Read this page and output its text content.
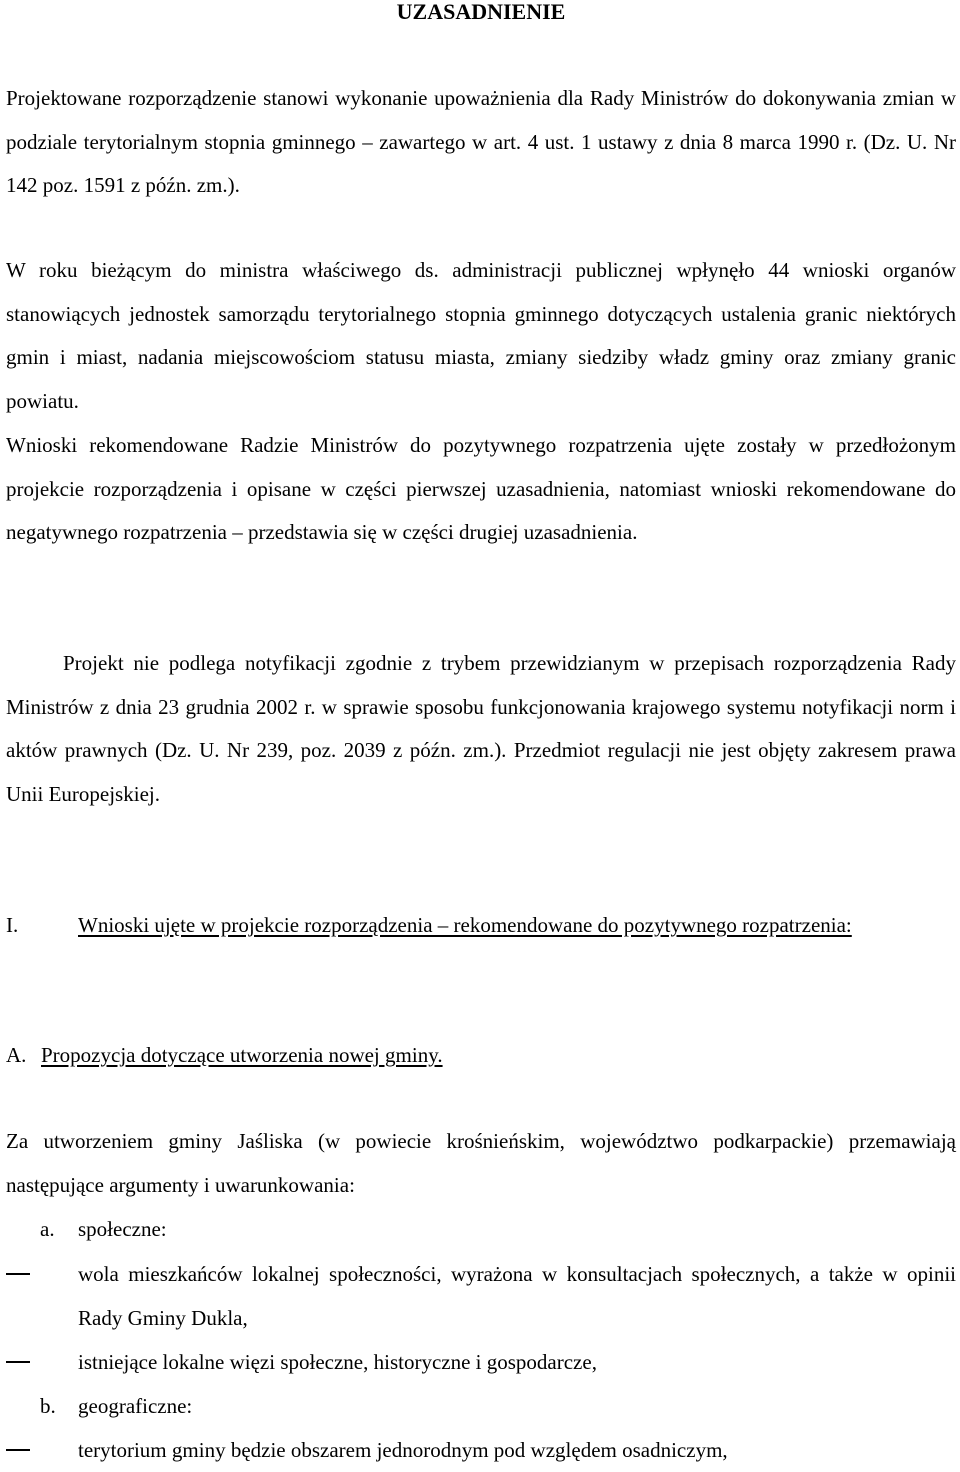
UZASADNIENIE
Projektowane rozporządzenie stanowi wykonanie upoważnienia dla Rady Ministrów do dokonywania zmian w podziale terytorialnym stopnia gminnego – zawartego w art. 4 ust. 1 ustawy z dnia 8 marca 1990 r. (Dz. U. Nr 142 poz. 1591 z późn. zm.).
W roku bieżącym do ministra właściwego ds. administracji publicznej wpłynęło 44 wnioski organów stanowiących jednostek samorządu terytorialnego stopnia gminnego dotyczących ustalenia granic niektórych gmin i miast, nadania miejscowościom statusu miasta, zmiany siedziby władz gminy oraz zmiany granic powiatu.
Wnioski rekomendowane Radzie Ministrów do pozytywnego rozpatrzenia ujęte zostały w przedłożonym projekcie rozporządzenia i opisane w części pierwszej uzasadnienia, natomiast wnioski rekomendowane do negatywnego rozpatrzenia – przedstawia się w części drugiej uzasadnienia.
Projekt nie podlega notyfikacji zgodnie z trybem przewidzianym w przepisach rozporządzenia Rady Ministrów z dnia 23 grudnia 2002 r. w sprawie sposobu funkcjonowania krajowego systemu notyfikacji norm i aktów prawnych (Dz. U. Nr 239, poz. 2039 z późn. zm.). Przedmiot regulacji nie jest objęty zakresem prawa Unii Europejskiej.
I.	Wnioski ujęte w projekcie rozporządzenia – rekomendowane do pozytywnego rozpatrzenia:
A. Propozycja dotyczące utworzenia nowej gminy.
Za utworzeniem gminy Jaśliska (w powiecie krośnieńskim, województwo podkarpackie) przemawiają następujące argumenty i uwarunkowania:
a. społeczne:
wola mieszkańców lokalnej społeczności, wyrażona w konsultacjach społecznych, a także w opinii Rady Gminy Dukla,
istniejące lokalne więzi społeczne, historyczne i gospodarcze,
b. geograficzne:
terytorium gminy będzie obszarem jednorodnym pod względem osadniczym,
